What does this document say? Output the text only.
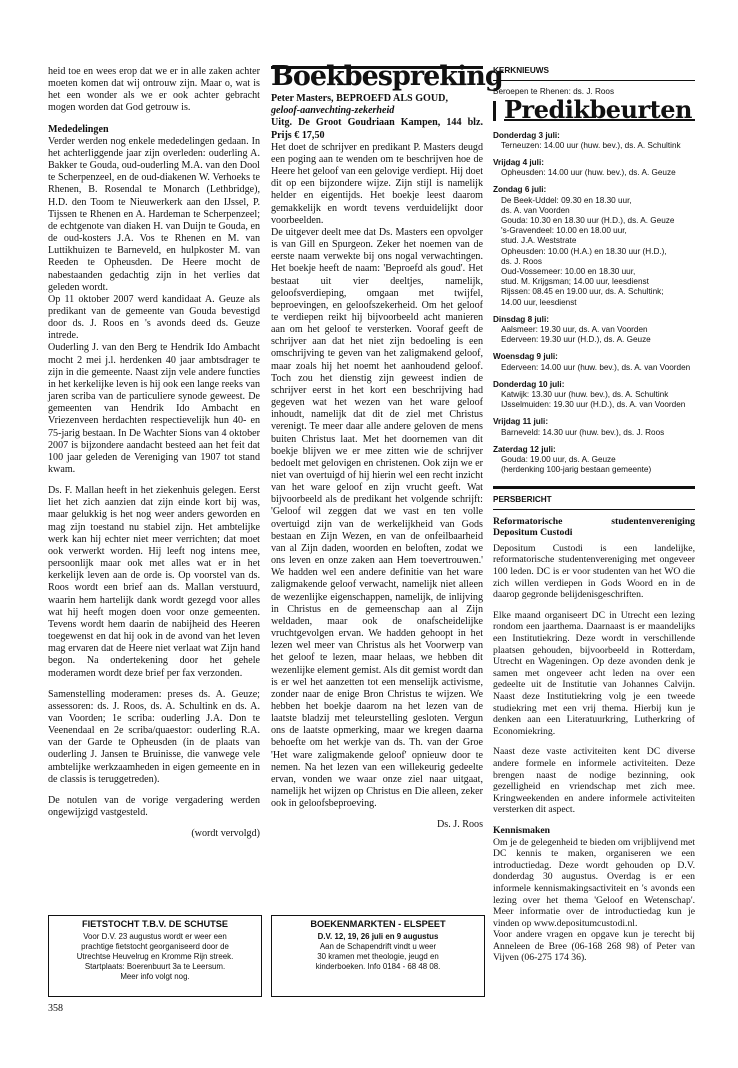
heid toe en wees erop dat we er in alle zaken achter moeten komen dat wij ontrouw zijn. Maar o, wat is het een wonder als we er ook achter gebracht mogen worden dat God getrouw is.

Mededelingen

Verder werden nog enkele mededelingen gedaan. In het achterliggende jaar zijn overleden: ouderling A. Bakker te Gouda, oud-ouderling M.A. van den Dool te Scherpenzeel, en de oud-diakenen W. Verhoeks te Rhenen, B. Rosendal te Monarch (Lethbridge), H.D. den Toom te Nieuwerkerk aan den IJssel, P. Tijssen te Rhenen en A. Hardeman te Scherpenzeel; de echtgenote van diaken H. van Duijn te Gouda, en de oud-kosters J.A. Vos te Rhenen en M. van Luttikhuizen te Barneveld, en hulpkoster M. van Reeden te Opheusden. De Heere mocht de nabestaanden gedachtig zijn in het verlies dat geleden wordt.

Op 11 oktober 2007 werd kandidaat A. Geuze als predikant van de gemeente van Gouda bevestigd door ds. J. Roos en 's avonds deed ds. Geuze intrede.

Ouderling J. van den Berg te Hendrik Ido Ambacht mocht 2 mei j.l. herdenken 40 jaar ambtsdrager te zijn in die gemeente. Naast zijn vele andere functies in het kerkelijke leven is hij ook een lange reeks van jaren scriba van de particuliere synode geweest. De gemeenten van Hendrik Ido Ambacht en Vriezenveen herdachten respectievelijk hun 40- en 75-jarig bestaan. In De Wachter Sions van 4 oktober 2007 is bijzondere aandacht besteed aan het feit dat 100 jaar geleden de Vereniging van 1907 tot stand kwam.

Ds. F. Mallan heeft in het ziekenhuis gelegen. Eerst liet het zich aanzien dat zijn einde kort bij was, maar gelukkig is het nog weer anders geworden en mag zijn toestand nu stabiel zijn. Het ambtelijke werk kan hij echter niet meer verrichten; dat moet ook verwerkt worden. Hij leeft nog intens mee, persoonlijk maar ook met alles wat er in het kerkelijk leven aan de orde is. Op voorstel van ds. Roos wordt een brief aan ds. Mallan verstuurd, waarin hem hartelijk dank wordt gezegd voor alles wat hij heeft mogen doen voor onze gemeenten. Tevens wordt hem daarin de nabijheid des Heeren toegewenst en dat hij ook in de avond van het leven mag ervaren dat de Heere niet verlaat wat Zijn hand begon. Na ondertekening door het gehele moderamen wordt deze brief per fax verzonden.

Samenstelling moderamen: preses ds. A. Geuze; assessoren: ds. J. Roos, ds. A. Schultink en ds. A. van Voorden; 1e scriba: ouderling J.A. Don te Veenendaal en 2e scriba/quaestor: ouderling R.A. van der Garde te Opheusden (in de plaats van ouderling J. Jansen te Bruinisse, die vanwege vele ambtelijke werkzaamheden in eigen gemeente en in de classis is teruggetreden).

De notulen van de vorige vergadering werden ongewijzigd vastgesteld.

(wordt vervolgd)
FIETSTOCHT T.B.V. DE SCHUTSE
Voor D.V. 23 augustus wordt er weer een
prachtige fietstocht georganiseerd door de
Utrechtse Heuvelrug en Kromme Rijn streek.
Startplaats: Boerenbuurt 3a te Leersum.
Meer info volgt nog.
Boekbespreking
Peter Masters, BEPROEFD ALS GOUD,
geloof-aanvechting-zekerheid
Uitg. De Groot Goudriaan Kampen, 144 blz. Prijs € 17,50

Het doet de schrijver en predikant P. Masters deugd een poging aan te wenden om te beschrijven hoe de Heere het geloof van een gelovige verdiept. Hij doet dit op een bijzondere wijze. Zijn stijl is namelijk helder en eigentijds. Het boekje leest daarom gemakkelijk en wordt tevens verduidelijkt door voorbeelden.

De uitgever deelt mee dat Ds. Masters een opvolger is van Gill en Spurgeon. Zeker het noemen van de eerste naam verwekte bij ons nogal verwachtingen. Het boekje heeft de naam: 'Beproefd als goud'. Het bestaat uit vier deeltjes, namelijk, geloofsverdieping, omgaan met twijfel, beproevingen, en geloofszekerheid. Om het geloof te verdiepen reikt hij bijvoorbeeld acht manieren aan om het geloof te versterken. Vooraf geeft de schrijver aan dat het niet zijn bedoeling is een omschrijving te geven van het zaligmakend geloof, maar zoals hij het noemt het aanhoudend geloof. Toch zou het dienstig zijn geweest indien de schrijver eerst in het kort een beschrijving had gegeven wat het wezen van het ware geloof inhoudt, namelijk dat dit de ziel met Christus verenigt. Te meer daar alle andere geloven de mens buiten Christus laat. Met het doornemen van dit boekje blijven we er mee zitten wie de schrijver bedoelt met gelovigen en christenen. Ook zijn we er niet van overtuigd of hij hierin wel een recht inzicht van het ware geloof en zijn vrucht geeft. Wat bijvoorbeeld als de predikant het volgende schrijft: 'Geloof wil zeggen dat we vast en ten volle overtuigd zijn van de werkelijkheid van Gods bestaan en Zijn Wezen, en van de onfeilbaarheid van al Zijn daden, woorden en beloften, zodat we ons leven en onze zaken aan Hem toevertrouwen.' We hadden wel een andere definitie van het ware zaligmakende geloof verwacht, namelijk niet alleen de wezenlijke eigenschappen, namelijk, de inlijving in Christus en de gemeenschap aan al Zijn weldaden, maar ook de onafscheidelijke vruchtgevolgen ervan. We hadden gehoopt in het lezen wel meer van Christus als het Voorwerp van het geloof te lezen, maar helaas, we hebben dit wezenlijke element gemist. Als dit gemist wordt dan is er wel het aanzetten tot een menselijk activisme, zonder naar de enige Bron Christus te wijzen. We hebben het boekje daarom na het lezen van de laatste bladzij met teleurstelling gesloten. Vergun ons de laatste opmerking, maar we kregen daarna behoefte om het werkje van ds. Th. van der Groe 'Het ware zaligmakende geloof' opnieuw door te nemen. Na het lezen van een willekeurig gedeelte ervan, vonden we waar onze ziel naar uitgaat, namelijk het wijzen op Christus en Die alleen, zeker ook in geloofsbeproeving.

Ds. J. Roos
BOEKENMARKTEN - ELSPEET
D.V. 12, 19, 26 juli en 9 augustus
Aan de Schapendrift vindt u weer
30 kramen met theologie, jeugd en
kinderboeken. Info 0184 - 68 48 08.
KERKNIEUWS
Beroepen te Rhenen: ds. J. Roos
Predikbeurten
Donderdag 3 juli:
Terneuzen: 14.00 uur (huw. bev.), ds. A. Schultink
Vrijdag 4 juli:
Opheusden: 14.00 uur (huw. bev.), ds. A. Geuze
Zondag 6 juli:
De Beek-Uddel: 09.30 en 18.30 uur,
ds. A. van Voorden
Gouda: 10.30 en 18.30 uur (H.D.), ds. A. Geuze
's-Gravendeel: 10.00 en 18.00 uur,
stud. J.A. Weststrate
Opheusden: 10.00 (H.A.) en 18.30 uur (H.D.),
ds. J. Roos
Oud-Vossemeer: 10.00 en 18.30 uur,
stud. M. Krijgsman; 14.00 uur, leesdienst
Rijssen: 08.45 en 19.00 uur, ds. A. Schultink;
14.00 uur, leesdienst
Dinsdag 8 juli:
Aalsmeer: 19.30 uur, ds. A. van Voorden
Ederveen: 19.30 uur (H.D.), ds. A. Geuze
Woensdag 9 juli:
Ederveen: 14.00 uur (huw. bev.), ds. A. van Voorden
Donderdag 10 juli:
Katwijk: 13.30 uur (huw. bev.), ds. A. Schultink
IJsselmuiden: 19.30 uur (H.D.), ds. A. van Voorden
Vrijdag 11 juli:
Barneveld: 14.30 uur (huw. bev.), ds. J. Roos
Zaterdag 12 juli:
Gouda: 19.00 uur, ds. A. Geuze
(herdenking 100-jarig bestaan gemeente)
PERSBERICHT
Reformatorische studentenvereniging Depositum Custodi

Depositum Custodi is een landelijke, reformatorische studentenvereniging met ongeveer 100 leden. DC is er voor studenten van het WO die zich willen verdiepen in Gods Woord en in de daarop gegronde belijdenisgeschriften.

Elke maand organiseert DC in Utrecht een lezing rondom een jaarthema. Daarnaast is er maandelijks een Institutiekring. Deze wordt in verschillende plaatsen gehouden, bijvoorbeeld in Rotterdam, Utrecht en Wageningen. Op deze avonden denk je samen met ongeveer acht leden na over een gedeelte uit de Institutie van Johannes Calvijn. Naast deze Institutiekring volg je een tweede studiekring met een vrij thema. Hierbij kun je denken aan een Literatuurkring, Lutherkring of Economiekring.

Naast deze vaste activiteiten kent DC diverse andere formele en informele activiteiten. Deze brengen naast de nodige bezinning, ook gezelligheid en vriendschap met zich mee. Kringweekenden en andere informele activiteiten versterken dit aspect.

Kennismaken

Om je de gelegenheid te bieden om vrijblijvend met DC kennis te maken, organiseren we een introductiedag. Deze wordt gehouden op D.V. donderdag 30 augustus. Overdag is er een informele kennismakingsactiviteit en 's avonds een lezing over het thema 'Geloof en Wetenschap'. Meer informatie over de introductiedag kun je vinden op www.depositumcustodi.nl.

Voor andere vragen en opgave kun je terecht bij Anneleen de Bree (06-168 268 98) of Peter van Vijven (06-275 174 36).

358
